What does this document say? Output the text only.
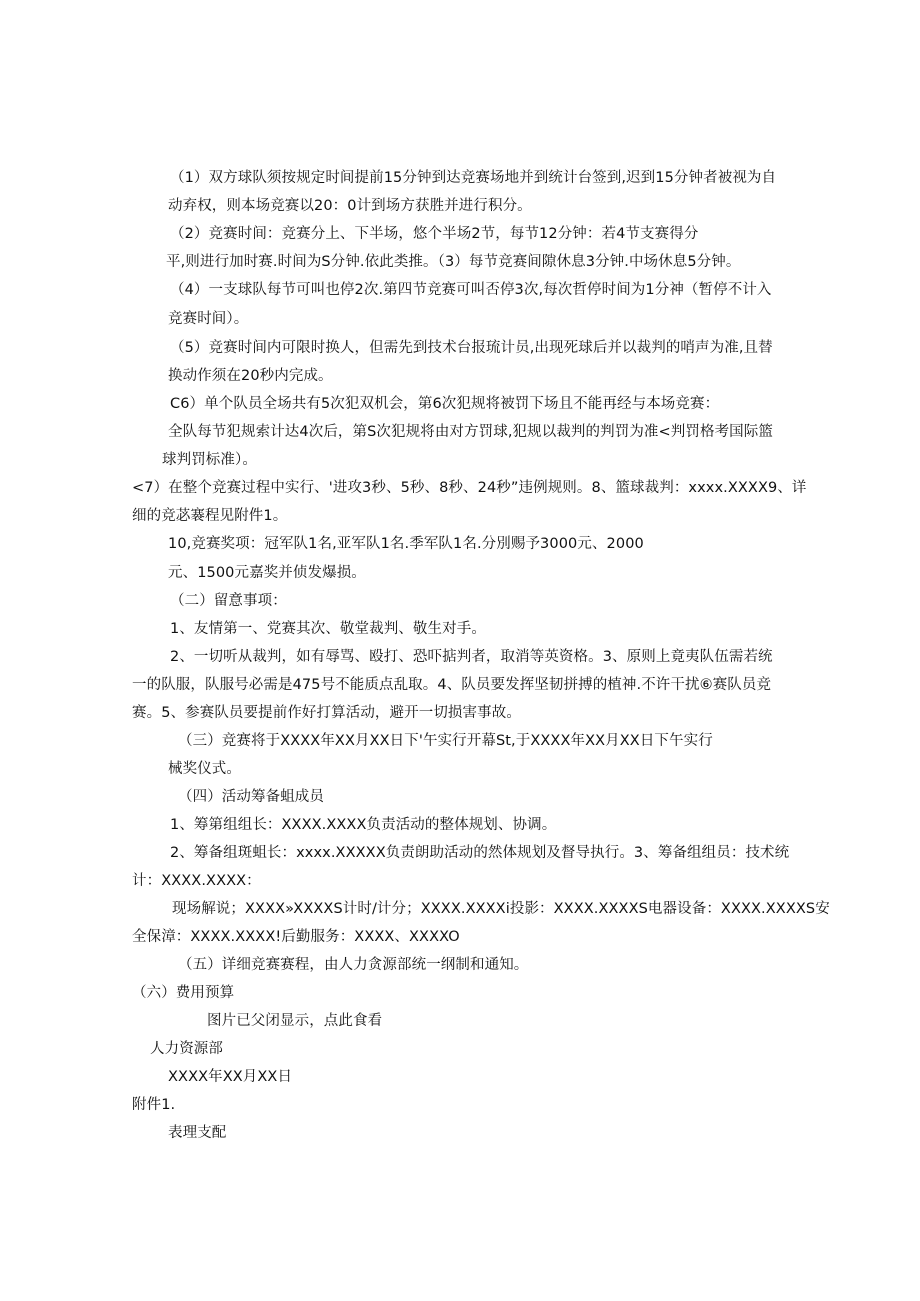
（1）双方球队须按规定时间提前15分钟到达竞赛场地并到统计台签到,迟到15分钟者被视为自
动弃权，则本场竞赛以20：0计到场方获胜并进行积分。
（2）竞赛时间：竞赛分上、下半场，悠个半场2节，每节12分钟：若4节支赛得分
平,则进行加时赛.时间为S分钟.依此类推。（3）每节竞赛间隙休息3分钟.中场休息5分钟。
（4）一支球队每节可叫也停2次.第四节竞赛可叫否停3次,每次哲停时间为1分神（暂停不计入
竞赛时间）。
（5）竞赛时间内可限时换人，但需先到技术台报琉计员,出现死球后并以裁判的哨声为准,且替
换动作须在20秒内完成。
C6）单个队员全场共有5次犯双机会，第6次犯规将被罚下场且不能再经与本场竞赛：
全队每节犯规索计达4次后，第S次犯规将由对方罚球,犯规以裁判的判罚为准<判罚格考国际篮
球判罚标准）。
<7）在整个竞赛过程中实行、'进攻3秒、5秒、8秒、24秒”违例规则。8、篮球裁判：xxxx.XXXX9、详
细的竞苾褰程见附件1。
10,竞赛奖项：冠军队1名,亚军队1名.季军队1名.分別赐予3000元、2000
元、1500元嘉奖并侦发爆损。
（二）留意事项：
1、友情第一、党赛其次、敬堂裁判、敬生对手。
2、一切听从裁判，如有辱骂、殴打、恐吓掂判者，取消等英资格。3、原则上竟夷队伍需若统
一的队服，队服号必需是475号不能质点乱取。4、队员要发挥坚韧拼搏的植神.不许干扰⑥赛队员竞
赛。5、参赛队员要提前作好打算活动，避开一切损害事故。
（三）竞赛将于XXXX年XX月XX日下'午实行开幕St,于XXXX年XX月XX日下午实行
械奖仪式。
（四）活动筹备蛆成员
1、筹第组组长：XXXX.XXXX负责活动的整体规划、协调。
2、筹备组斑蛆长：xxxx.XXXXX负责朗助活动的然体规划及督导执行。3、筹备组组员：技术统
计：XXXX.XXXX：
现场解说；XXXX»XXXXS计时/计分；XXXX.XXXXi投影：XXXX.XXXXS电器设备：XXXX.XXXXS安
全保漳：XXXX.XXXX!后勤服务：XXXX、XXXXO
（五）详细竞赛赛程，由人力贪源部统一纲制和通知。
（六）费用预算
图片已父闭显示，点此食看
人力资源部
XXXX年XX月XX日
附件1.
表理支配
